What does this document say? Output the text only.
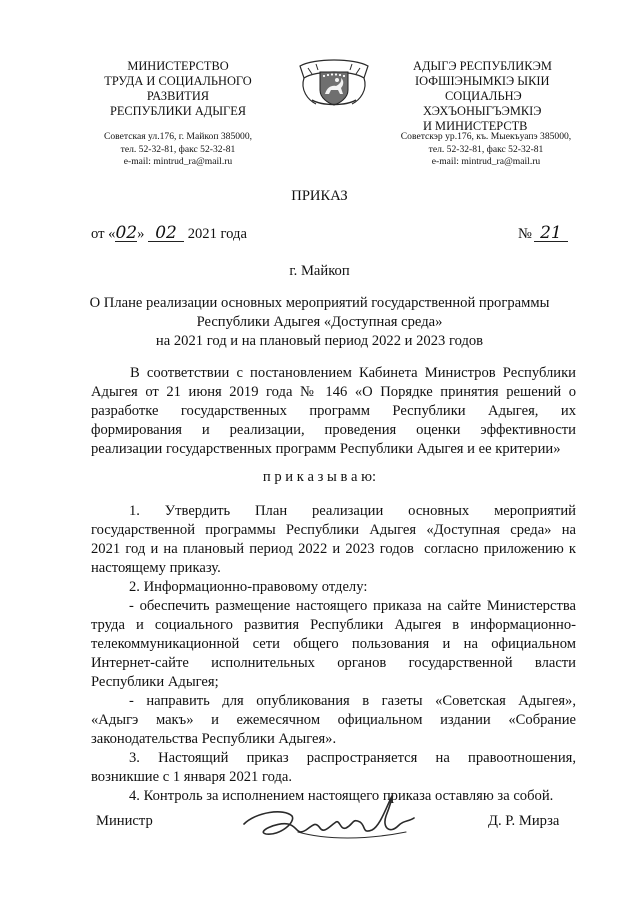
МИНИСТЕРСТВО
ТРУДА И СОЦИАЛЬНОГО
РАЗВИТИЯ
РЕСПУБЛИКИ АДЫГЕЯ
Советская ул.176, г. Майкоп 385000,
тел. 52-32-81, факс 52-32-81
e-mail: mintrud_ra@mail.ru
АДЫГЭ РЕСПУБЛИКЭМ
IОФШIЭНЫМКIЭ ЫКIИ
СОЦИАЛЬНЭ
ХЭХЪОНЫГЪЭМКIЭ
И МИНИСТЕРСТВ
Советскэр ур.176, къ. Мыекъуапэ 385000,
тел. 52-32-81, факс 52-32-81
e-mail: mintrud_ra@mail.ru
ПРИКАЗ
от «02» 02 2021 года	№ 21
г. Майкоп
О Плане реализации основных мероприятий государственной программы
Республики Адыгея «Доступная среда»
на 2021 год и на плановый период 2022 и 2023 годов
В соответствии с постановлением Кабинета Министров Республики
Адыгея от 21 июня 2019 года № 146 «О Порядке принятия решений о
разработке государственных программ Республики Адыгея, их
формирования и реализации, проведения оценки эффективности
реализации государственных программ Республики Адыгея и ее критерии»
п р и к а з ы в а ю:
1. Утвердить План реализации основных мероприятий
государственной программы Республики Адыгея «Доступная среда» на
2021 год и на плановый период 2022 и 2023 годов  согласно приложению к
настоящему приказу.
2. Информационно-правовому отделу:
- обеспечить размещение настоящего приказа на сайте Министерства
труда и социального развития Республики Адыгея в информационно-
телекоммуникационной сети общего пользования и на официальном
Интернет-сайте исполнительных органов государственной власти
Республики Адыгея;
- направить для опубликования в газеты «Советская Адыгея»,
«Адыгэ макъ» и ежемесячном официальном издании «Собрание
законодательства Республики Адыгея».
3. Настоящий приказ распространяется на правоотношения,
возникшие с 1 января 2021 года.
4. Контроль за исполнением настоящего приказа оставляю за собой.
Министр	Д. Р. Мирза
